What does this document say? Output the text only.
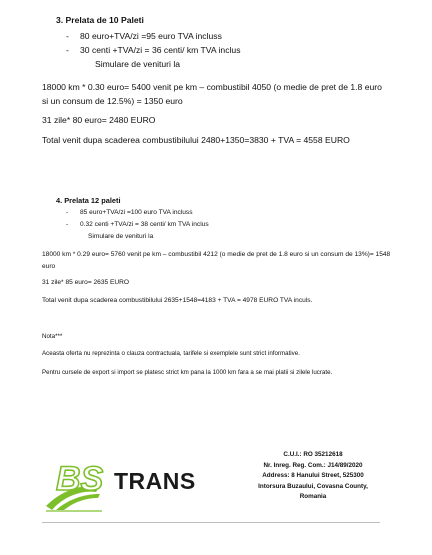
3. Prelata de 10 Paleti
- 80 euro+TVA/zi =95 euro TVA incluss
- 30 centi +TVA/zi = 36 centi/ km TVA inclus
Simulare de venituri la
18000 km * 0.30 euro= 5400 venit pe km – combustibil 4050 (o medie de pret de 1.8 euro si un consum de 12.5%) = 1350 euro
31 zile* 80 euro= 2480 EURO
Total venit dupa scaderea combustibilului 2480+1350=3830 + TVA = 4558 EURO
4. Prelata 12 paleti
- 85 euro+TVA/zi =100 euro TVA incluss
- 0.32 centi +TVA/zi = 38 centi/ km TVA inclus
Simulare de venituri la
18000 km * 0.29 euro= 5760 venit pe km – combustibil 4212 (o medie de pret de 1.8 euro si un consum de 13%)= 1548 euro
31 zile* 85 euro= 2635 EURO
Total venit dupa scaderea combustibilului 2635+1548=4183 + TVA = 4978 EURO TVA inculs.
Nota***
Aceasta oferta nu reprezinta o clauza contractuala, tarifele si exemplele sunt strict informative.
Pentru cursele de export si import se platesc strict km pana la 1000 km fara a se mai platii si zilele lucrate.
BS TRANS
C.U.I.: RO 35212618
Nr. Inreg. Reg. Com.: J14/89/2020
Address: 8 Hanului Street, 525300
Intorsura Buzaului, Covasna County,
Romania
